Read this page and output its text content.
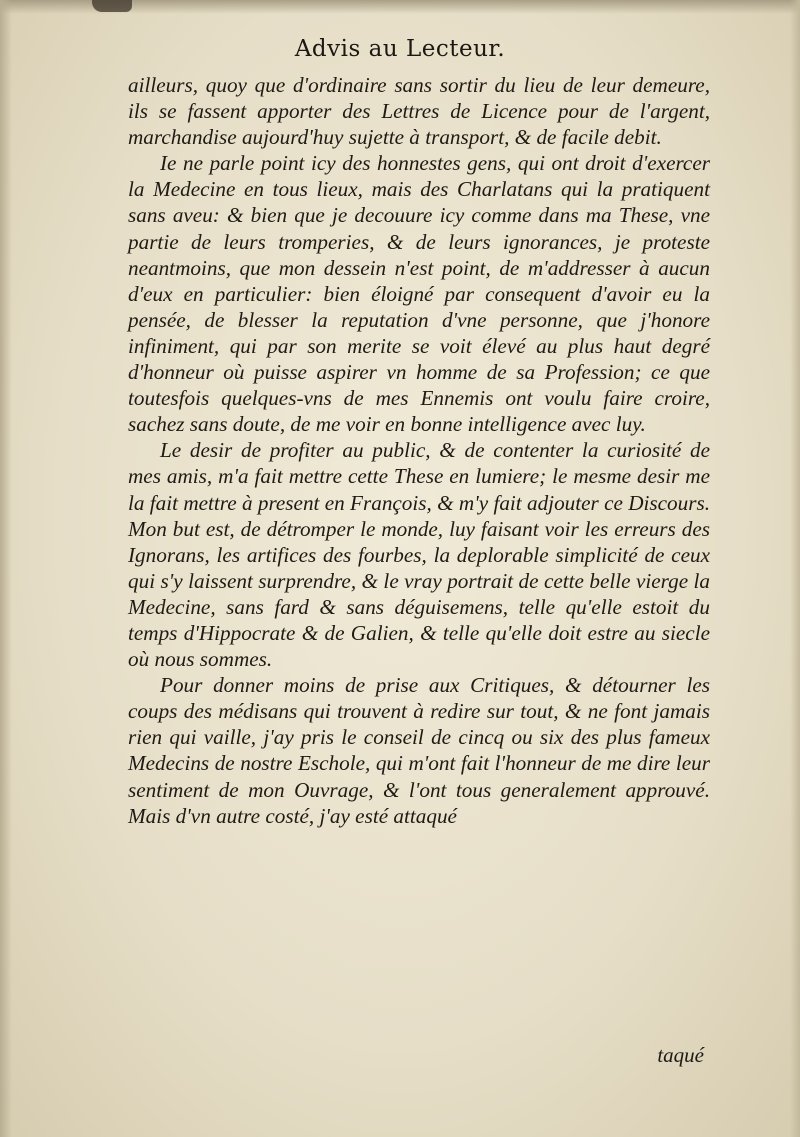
Advis au Lecteur.

ailleurs, quoy que d'ordinaire sans sortir du lieu de leur demeure, ils se fassent apporter des Lettres de Licence pour de l'argent, marchandise aujourd'huy sujette à transport, & de facile debit.

Ie ne parle point icy des honnestes gens, qui ont droit d'exercer la Medecine en tous lieux, mais des Charlatans qui la pratiquent sans aveu: & bien que je decouure icy comme dans ma These, vne partie de leurs tromperies, & de leurs ignorances, je proteste neantmoins, que mon dessein n'est point, de m'addresser à aucun d'eux en particulier: bien éloigné par consequent d'avoir eu la pensée, de blesser la reputation d'vne personne, que j'honore infiniment, qui par son merite se voit élevé au plus haut degré d'honneur où puisse aspirer vn homme de sa Profession; ce que toutesfois quelques-vns de mes Ennemis ont voulu faire croire, sachez sans doute, de me voir en bonne intelligence avec luy.

Le desir de profiter au public, & de contenter la curiosité de mes amis, m'a fait mettre cette These en lumiere; le mesme desir me la fait mettre à present en François, & m'y fait adjouter ce Discours. Mon but est, de détromper le monde, luy faisant voir les erreurs des Ignorans, les artifices des fourbes, la deplorable simplicité de ceux qui s'y laissent surprendre, & le vray portrait de cette belle vierge la Medecine, sans fard & sans déguisemens, telle qu'elle estoit du temps d'Hippocrate & de Galien, & telle qu'elle doit estre au siecle où nous sommes.

Pour donner moins de prise aux Critiques, & détourner les coups des médisans qui trouvent à redire sur tout, & ne font jamais rien qui vaille, j'ay pris le conseil de cincq ou six des plus fameux Medecins de nostre Eschole, qui m'ont fait l'honneur de me dire leur sentiment de mon Ouvrage, & l'ont tous generalement approuvé. Mais d'vn autre costé, j'ay esté attaqué

taqué
